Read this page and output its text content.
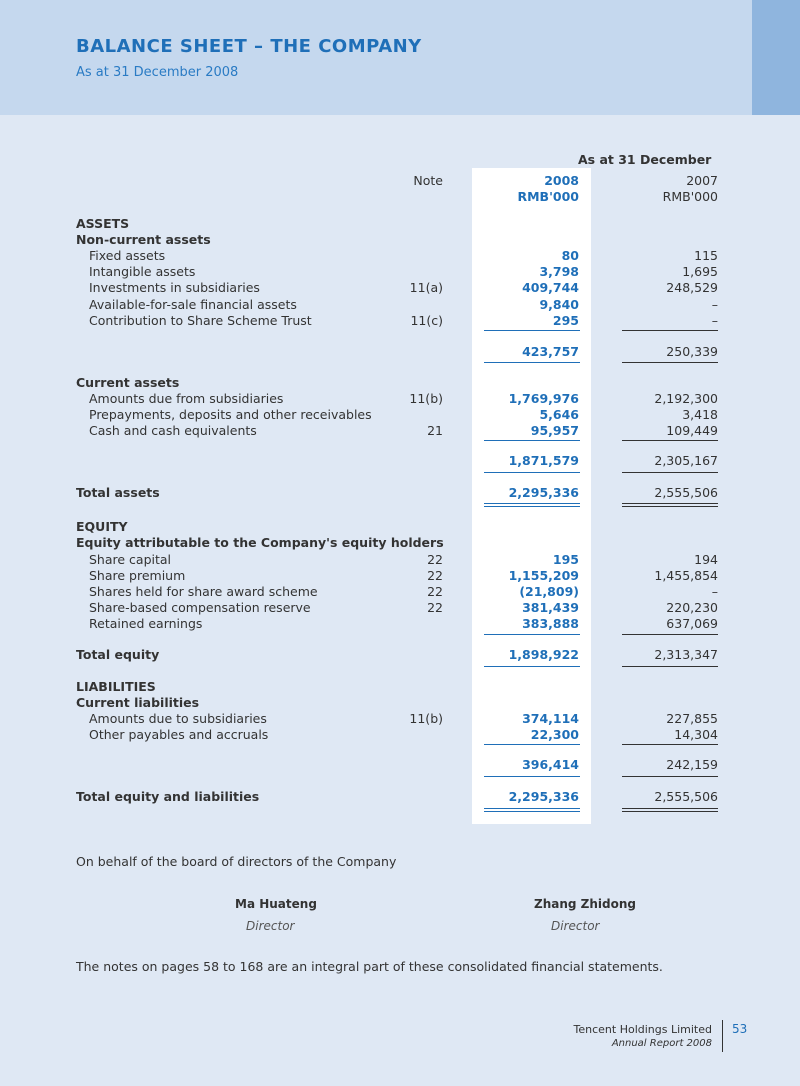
BALANCE SHEET – THE COMPANY

As at 31 December 2008

As at 31 December
Note	2008	2007
RMB'000	RMB'000
ASSETS
Non-current assets
Fixed assets	80	115
Intangible assets	3,798	1,695
Investments in subsidiaries	11(a)	409,744	248,529
Available-for-sale financial assets	9,840	–
Contribution to Share Scheme Trust	11(c)	295	–
423,757	250,339
Current assets
Amounts due from subsidiaries	11(b)	1,769,976	2,192,300
Prepayments, deposits and other receivables	5,646	3,418
Cash and cash equivalents	21	95,957	109,449
1,871,579	2,305,167
Total assets	2,295,336	2,555,506
EQUITY
Equity attributable to the Company's equity holders
Share capital	22	195	194
Share premium	22	1,155,209	1,455,854
Shares held for share award scheme	22	(21,809)	–
Share-based compensation reserve	22	381,439	220,230
Retained earnings	383,888	637,069
Total equity	1,898,922	2,313,347
LIABILITIES
Current liabilities
Amounts due to subsidiaries	11(b)	374,114	227,855
Other payables and accruals	22,300	14,304
396,414	242,159
Total equity and liabilities	2,295,336	2,555,506
On behalf of the board of directors of the Company
Ma Huateng
Director
Zhang Zhidong
Director
The notes on pages 58 to 168 are an integral part of these consolidated financial statements.
Tencent Holdings Limited
Annual Report 2008
53
